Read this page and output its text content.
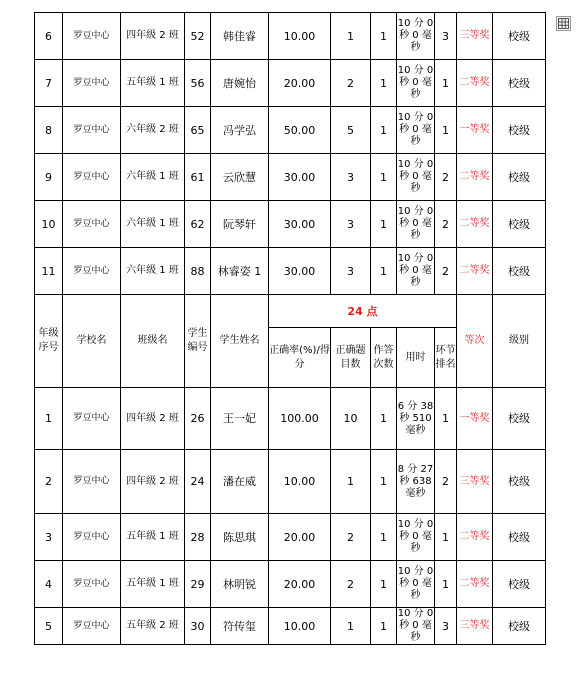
6	罗豆中心	四年级 2 班	52	韩佳睿	10.00	1	1	10 分 0 秒 0 毫秒	3	三等奖	校级
7	罗豆中心	五年级 1 班	56	唐婉怡	20.00	2	1	10 分 0 秒 0 毫秒	1	二等奖	校级
8	罗豆中心	六年级 2 班	65	冯学弘	50.00	5	1	10 分 0 秒 0 毫秒	1	一等奖	校级
9	罗豆中心	六年级 1 班	61	云欣慧	30.00	3	1	10 分 0 秒 0 毫秒	2	二等奖	校级
10	罗豆中心	六年级 1 班	62	阮琴轩	30.00	3	1	10 分 0 秒 0 毫秒	2	二等奖	校级
11	罗豆中心	六年级 1 班	88	林睿姿 1	30.00	3	1	10 分 0 秒 0 毫秒	2	二等奖	校级
年级序号	学校名	班级名	学生编号	学生姓名	24 点					等次	级别
					正确率(%)/得分	正确题目数	作答次数	用时	环节排名		
1	罗豆中心	四年级 2 班	26	王一妃	100.00	10	1	6 分 38 秒 510 毫秒	1	一等奖	校级
2	罗豆中心	四年级 2 班	24	潘在威	10.00	1	1	8 分 27 秒 638 毫秒	2	三等奖	校级
3	罗豆中心	五年级 1 班	28	陈思琪	20.00	2	1	10 分 0 秒 0 毫秒	1	二等奖	校级
4	罗豆中心	五年级 1 班	29	林明锐	20.00	2	1	10 分 0 秒 0 毫秒	1	二等奖	校级
5	罗豆中心	五年级 2 班	30	符传玺	10.00	1	1	10 分 0 秒 0 毫秒	3	三等奖	校级
